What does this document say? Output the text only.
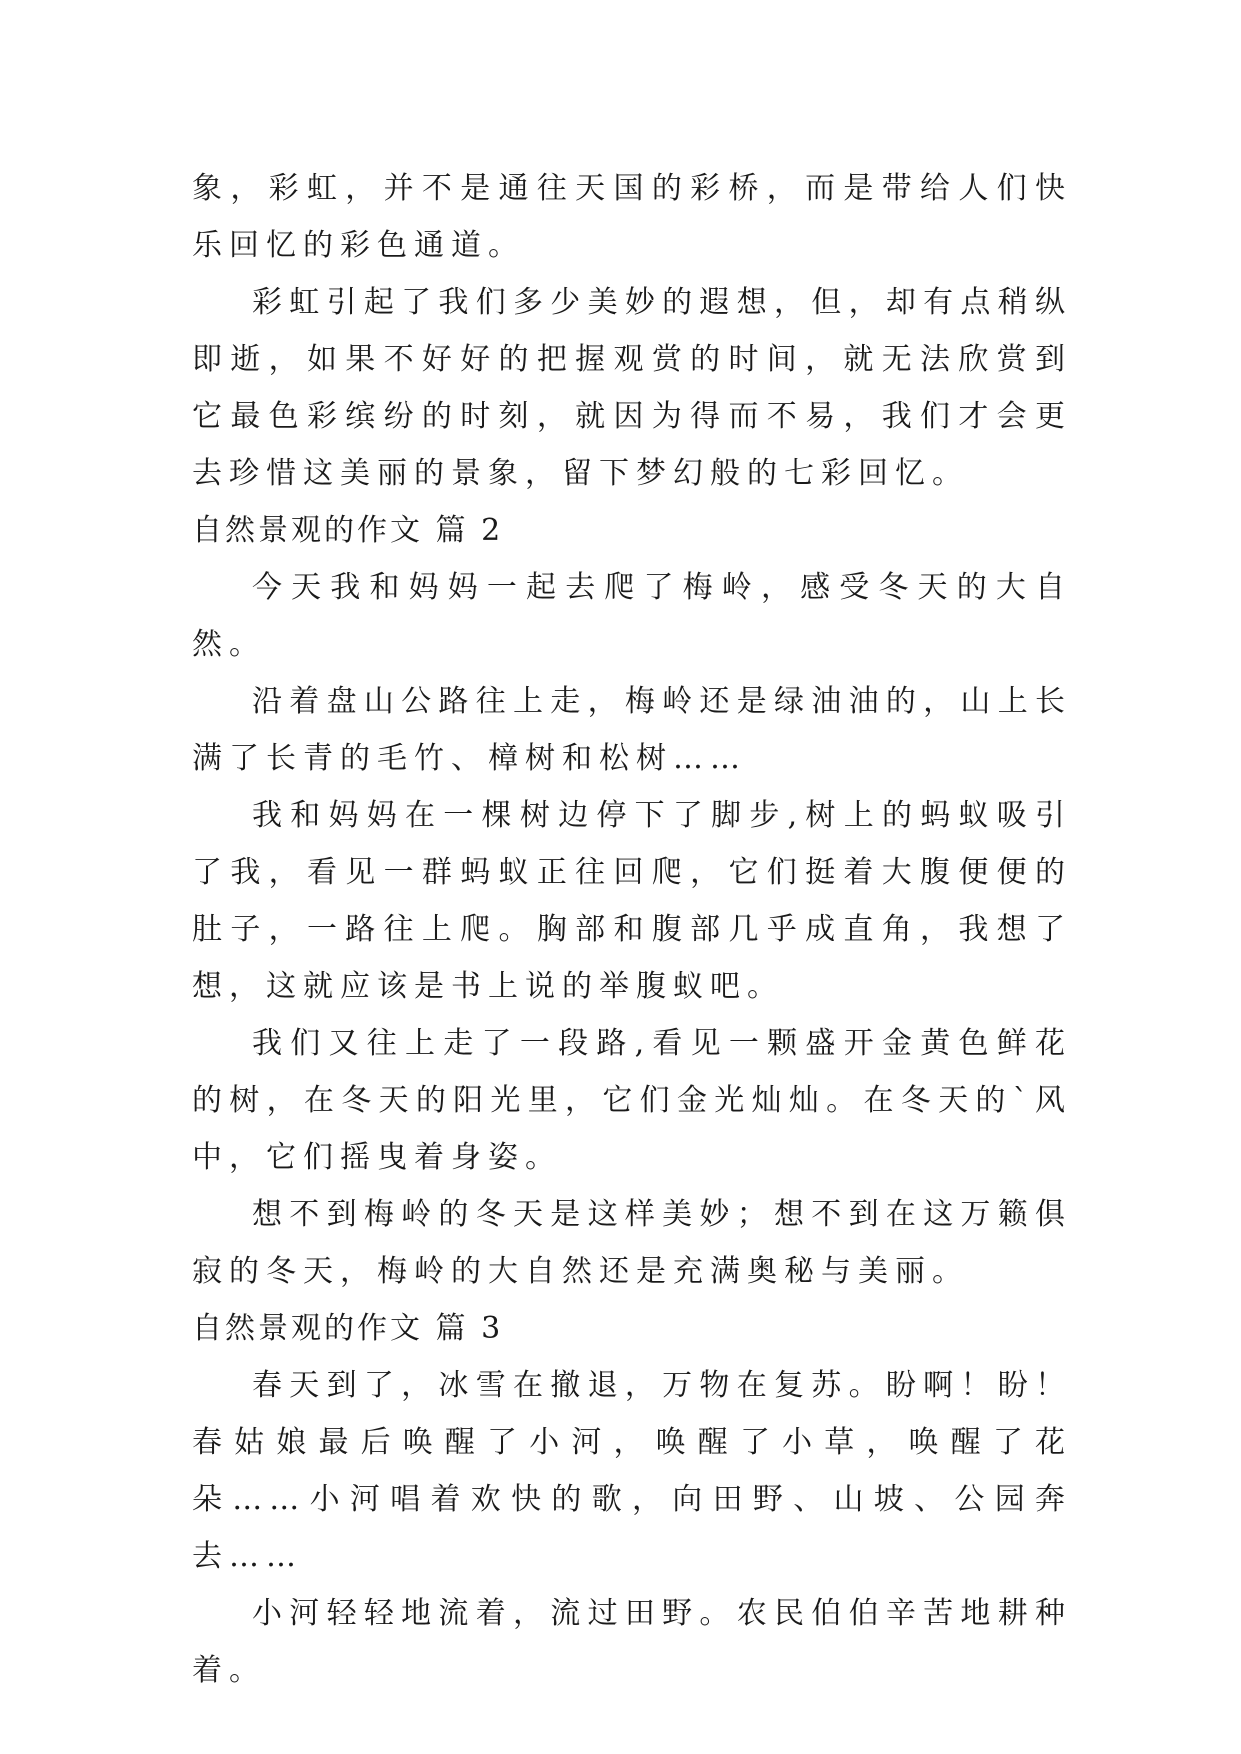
象，彩虹，并不是通往天国的彩桥，而是带给人们快乐回忆的彩色通道。

彩虹引起了我们多少美妙的遐想，但，却有点稍纵即逝，如果不好好的把握观赏的时间，就无法欣赏到它最色彩缤纷的时刻，就因为得而不易，我们才会更去珍惜这美丽的景象，留下梦幻般的七彩回忆。

自然景观的作文 篇 2

今天我和妈妈一起去爬了梅岭，感受冬天的大自然。

沿着盘山公路往上走，梅岭还是绿油油的，山上长满了长青的毛竹、樟树和松树……

我和妈妈在一棵树边停下了脚步,树上的蚂蚁吸引了我，看见一群蚂蚁正往回爬，它们挺着大腹便便的肚子，一路往上爬。胸部和腹部几乎成直角，我想了想，这就应该是书上说的举腹蚁吧。

我们又往上走了一段路,看见一颗盛开金黄色鲜花的树，在冬天的阳光里，它们金光灿灿。在冬天的`风中，它们摇曳着身姿。

想不到梅岭的冬天是这样美妙；想不到在这万籁俱寂的冬天，梅岭的大自然还是充满奥秘与美丽。

自然景观的作文 篇 3

春天到了，冰雪在撤退，万物在复苏。盼啊！盼！春姑娘最后唤醒了小河，唤醒了小草，唤醒了花朵……小河唱着欢快的歌，向田野、山坡、公园奔去……

小河轻轻地流着，流过田野。农民伯伯辛苦地耕种着。
